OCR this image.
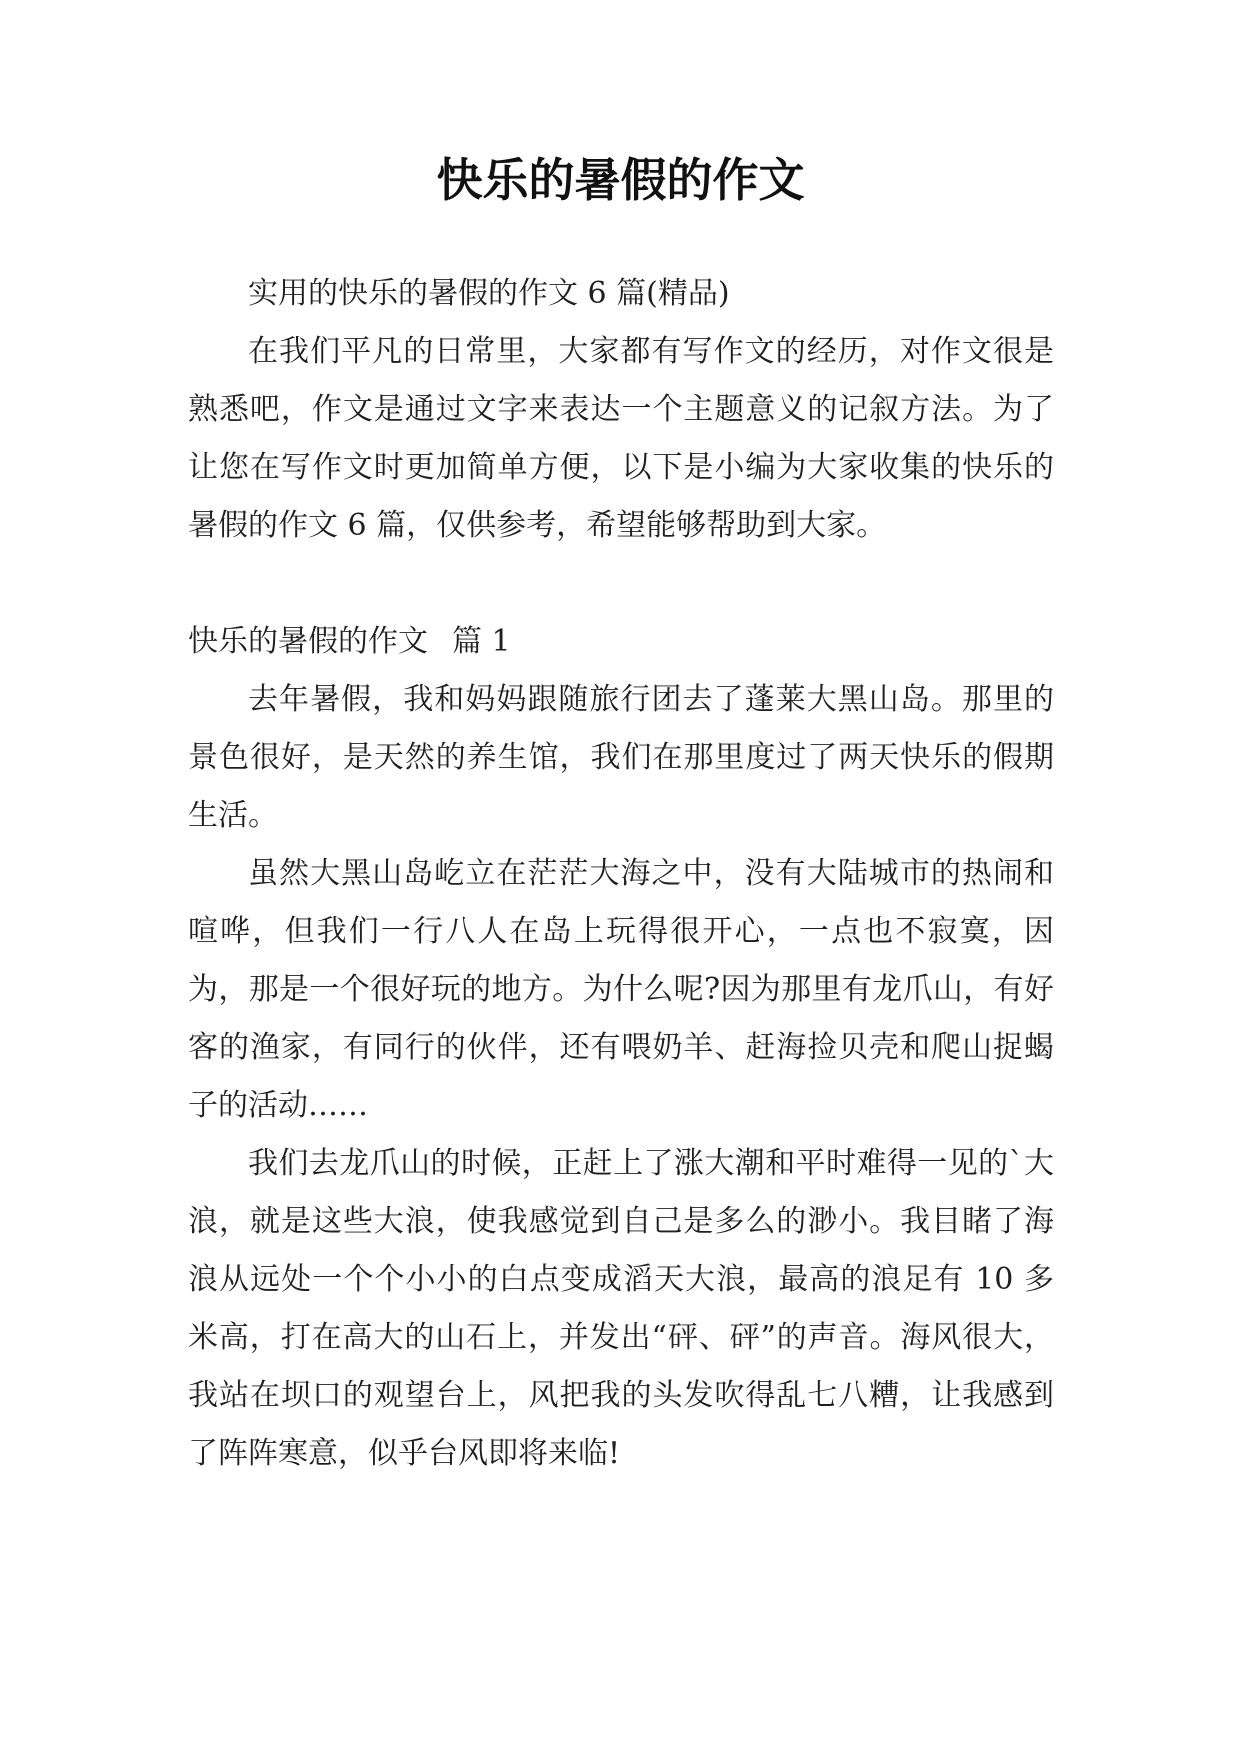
快乐的暑假的作文

实用的快乐的暑假的作文 6 篇(精品)

在我们平凡的日常里，大家都有写作文的经历，对作文很是熟悉吧，作文是通过文字来表达一个主题意义的记叙方法。为了让您在写作文时更加简单方便，以下是小编为大家收集的快乐的暑假的作文 6 篇，仅供参考，希望能够帮助到大家。

快乐的暑假的作文 篇 1

去年暑假，我和妈妈跟随旅行团去了蓬莱大黑山岛。那里的景色很好，是天然的养生馆，我们在那里度过了两天快乐的假期生活。

虽然大黑山岛屹立在茫茫大海之中，没有大陆城市的热闹和喧哗，但我们一行八人在岛上玩得很开心，一点也不寂寞，因为，那是一个很好玩的地方。为什么呢?因为那里有龙爪山，有好客的渔家，有同行的伙伴，还有喂奶羊、赶海捡贝壳和爬山捉蝎子的活动……

我们去龙爪山的时候，正赶上了涨大潮和平时难得一见的`大浪，就是这些大浪，使我感觉到自己是多么的渺小。我目睹了海浪从远处一个个小小的白点变成滔天大浪，最高的浪足有 10 多米高，打在高大的山石上，并发出“砰、砰”的声音。海风很大，我站在坝口的观望台上，风把我的头发吹得乱七八糟，让我感到了阵阵寒意，似乎台风即将来临!
